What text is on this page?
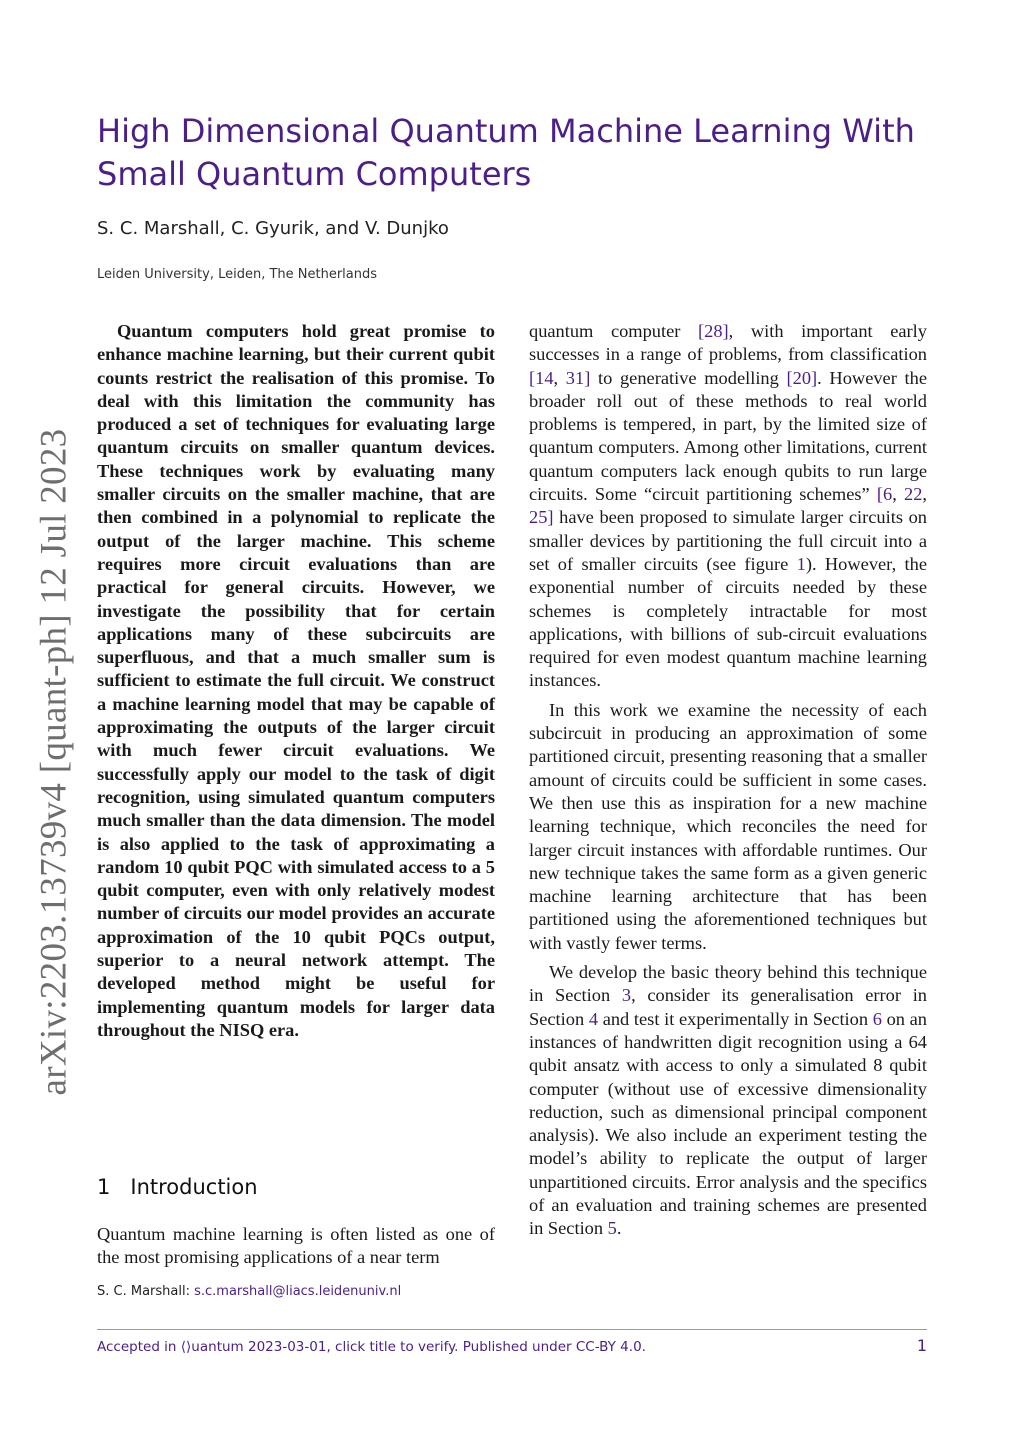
arXiv:2203.13739v4 [quant-ph] 12 Jul 2023
High Dimensional Quantum Machine Learning With Small Quantum Computers
S. C. Marshall, C. Gyurik, and V. Dunjko
Leiden University, Leiden, The Netherlands

Quantum computers hold great promise to enhance machine learning, but their current qubit counts restrict the realisation of this promise. To deal with this limitation the community has produced a set of techniques for evaluating large quantum circuits on smaller quantum devices. These techniques work by evaluating many smaller circuits on the smaller machine, that are then combined in a polynomial to replicate the output of the larger machine. This scheme requires more circuit evaluations than are practical for general circuits. However, we investigate the possibility that for certain applications many of these subcircuits are superfluous, and that a much smaller sum is sufficient to estimate the full circuit. We construct a machine learning model that may be capable of approximating the outputs of the larger circuit with much fewer circuit evaluations. We successfully apply our model to the task of digit recognition, using simulated quantum computers much smaller than the data dimension. The model is also applied to the task of approximating a random 10 qubit PQC with simulated access to a 5 qubit computer, even with only relatively modest number of circuits our model provides an accurate approximation of the 10 qubit PQCs output, superior to a neural network attempt. The developed method might be useful for implementing quantum models for larger data throughout the NISQ era.

1 Introduction

Quantum machine learning is often listed as one of the most promising applications of a near term

S. C. Marshall: s.c.marshall@liacs.leidenuniv.nl

quantum computer [28], with important early successes in a range of problems, from classification [14, 31] to generative modelling [20]. However the broader roll out of these methods to real world problems is tempered, in part, by the limited size of quantum computers. Among other limitations, current quantum computers lack enough qubits to run large circuits. Some “circuit partitioning schemes” [6, 22, 25] have been proposed to simulate larger circuits on smaller devices by partitioning the full circuit into a set of smaller circuits (see figure 1). However, the exponential number of circuits needed by these schemes is completely intractable for most applications, with billions of sub-circuit evaluations required for even modest quantum machine learning instances.

In this work we examine the necessity of each subcircuit in producing an approximation of some partitioned circuit, presenting reasoning that a smaller amount of circuits could be sufficient in some cases. We then use this as inspiration for a new machine learning technique, which reconciles the need for larger circuit instances with affordable runtimes. Our new technique takes the same form as a given generic machine learning architecture that has been partitioned using the aforementioned techniques but with vastly fewer terms.

We develop the basic theory behind this technique in Section 3, consider its generalisation error in Section 4 and test it experimentally in Section 6 on an instances of handwritten digit recognition using a 64 qubit ansatz with access to only a simulated 8 qubit computer (without use of excessive dimensionality reduction, such as dimensional principal component analysis). We also include an experiment testing the model’s ability to replicate the output of larger unpartitioned circuits. Error analysis and the specifics of an evaluation and training schemes are presented in Section 5.

Accepted in ⟨⟩uantum 2023-03-01, click title to verify. Published under CC-BY 4.0.	1
